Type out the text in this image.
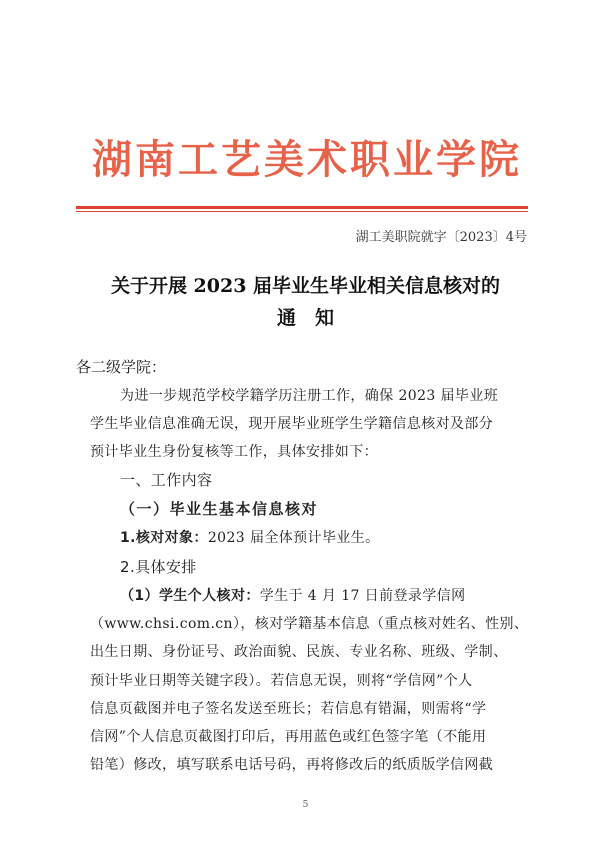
湖南工艺美术职业学院
湖工美职院就字〔2023〕4号
关于开展 2023 届毕业生毕业相关信息核对的
通　知
各二级学院：
为进一步规范学校学籍学历注册工作，确保 2023 届毕业班
学生毕业信息准确无误，现开展毕业班学生学籍信息核对及部分
预计毕业生身份复核等工作，具体安排如下：
一、工作内容
（一）毕业生基本信息核对
1.核对对象：2023 届全体预计毕业生。
2.具体安排
（1）学生个人核对：学生于 4 月 17 日前登录学信网
（www.chsi.com.cn），核对学籍基本信息（重点核对姓名、性别、
出生日期、身份证号、政治面貌、民族、专业名称、班级、学制、
预计毕业日期等关键字段）。若信息无误，则将“学信网”个人
信息页截图并电子签名发送至班长；若信息有错漏，则需将“学
信网”个人信息页截图打印后，再用蓝色或红色签字笔（不能用
铅笔）修改，填写联系电话号码，再将修改后的纸质版学信网截
5
